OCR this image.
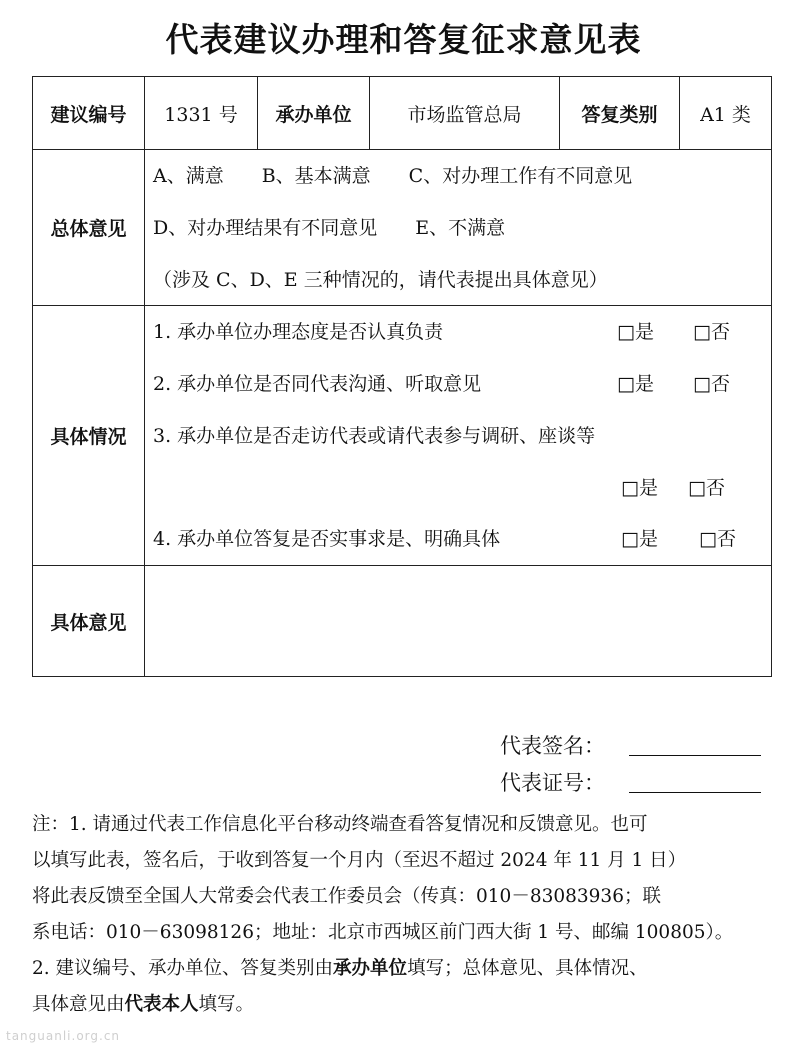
代表建议办理和答复征求意见表
建议编号	1331 号	承办单位	市场监管总局	答复类别	A1 类
总体意见
A、满意　　B、基本满意　　C、对办理工作有不同意见
D、对办理结果有不同意见　　E、不满意
（涉及 C、D、E 三种情况的，请代表提出具体意见）
具体情况
1. 承办单位办理态度是否认真负责	□是 □否
2. 承办单位是否同代表沟通、听取意见	□是 □否
3. 承办单位是否走访代表或请代表参与调研、座谈等
□是 □否
4. 承办单位答复是否实事求是、明确具体	□是 □否
具体意见
代表签名：
代表证号：
注：1. 请通过代表工作信息化平台移动终端查看答复情况和反馈意见。也可
以填写此表，签名后，于收到答复一个月内（至迟不超过 2024 年 11 月 1 日）
将此表反馈至全国人大常委会代表工作委员会（传真：010－83083936；联
系电话：010－63098126；地址：北京市西城区前门西大街 1 号、邮编 100805）。
2. 建议编号、承办单位、答复类别由承办单位填写；总体意见、具体情况、
具体意见由代表本人填写。
tanguanli.org.cn
